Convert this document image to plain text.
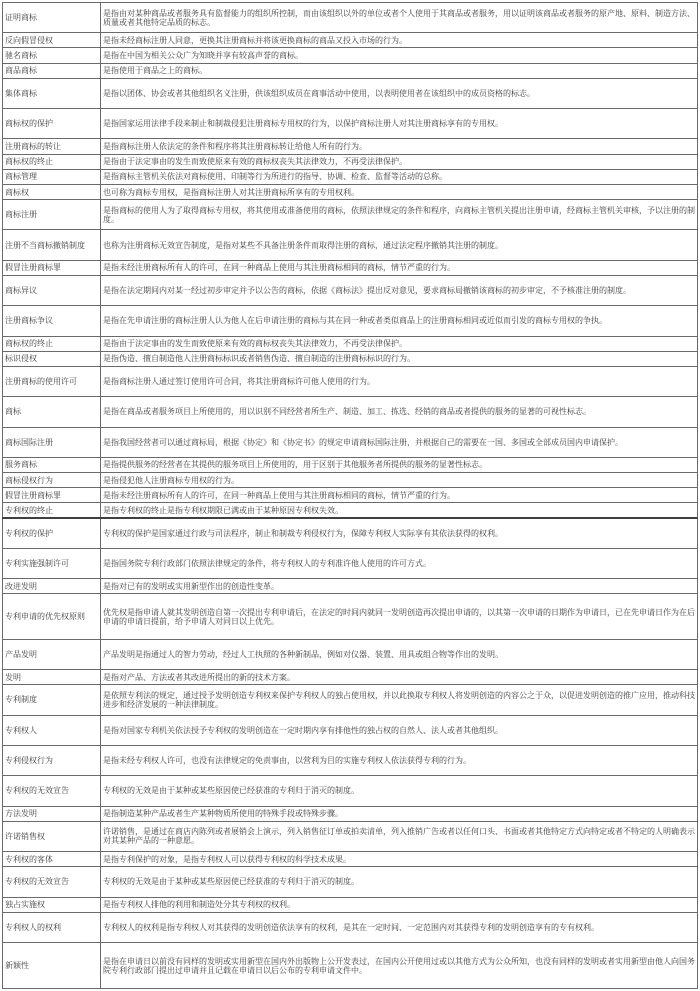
证明商标	是指由对某种商品或者服务具有监督能力的组织所控制，而由该组织以外的单位或者个人使用于其商品或者服务，用以证明该商品或者服务的原产地、原料、制造方法、质量或者其他特定品质的标志。
反向假冒侵权	是指未经商标注册人同意，更换其注册商标并将该更换商标的商品又投入市场的行为。
驰名商标	是指在中国为相关公众广为知晓并享有较高声誉的商标。
商品商标	是指使用于商品之上的商标。
集体商标	是指以团体、协会或者其他组织名义注册，供该组织成员在商事活动中使用，以表明使用者在该组织中的成员资格的标志。
商标权的保护	是指国家运用法律手段来制止和制裁侵犯注册商标专用权的行为，以保护商标注册人对其注册商标享有的专用权。
注册商标的转让	是指商标注册人依法定的条件和程序将其注册商标转让给他人所有的行为。
商标权的终止	是指由于法定事由的发生而致使原来有效的商标权丧失其法律效力，不再受法律保护。
商标管理	是指商标主管机关依法对商标使用、印制等行为所进行的指导、协调、检查、监督等活动的总称。
商标权	也可称为商标专用权，是指商标注册人对其注册商标所享有的专用权利。
商标注册	是指商标的使用人为了取得商标专用权，将其使用或准备使用的商标，依照法律规定的条件和程序，向商标主管机关提出注册申请，经商标主管机关审核，予以注册的制度。
注册不当商标撤销制度	也称为注册商标无效宣告制度，是指对某些不具备注册条件而取得注册的商标，通过法定程序撤销其注册的制度。
假冒注册商标罪	是指未经注册商标所有人的许可，在同一种商品上使用与其注册商标相同的商标，情节严重的行为。
商标异议	是指在法定期间内对某一经过初步审定并予以公告的商标，依据《商标法》提出反对意见，要求商标局撤销该商标的初步审定，不予核准注册的制度。
注册商标争议	是指在先申请注册的商标注册人认为他人在后申请注册的商标与其在同一种或者类似商品上的注册商标相同或近似而引发的商标专用权的争执。
商标权的终止	是指由于法定事由的发生而致使原来有效的商标权丧失其法律效力，不再受法律保护。
标识侵权	是指伪造、擅自制造他人注册商标标识或者销售伪造、擅自制造的注册商标标识的行为。
注册商标的使用许可	是指商标注册人通过签订使用许可合同，将其注册商标许可他人使用的行为。
商标	是指在商品或者服务项目上所使用的，用以识别不同经营者所生产、制造、加工、拣选、经销的商品或者提供的服务的显著的可视性标志。
商标国际注册	是指我国经营者可以通过商标局，根据《协定》和《协定书》的规定申请商标国际注册，并根据自己的需要在一国、多国或全部成员国内申请保护。
服务商标	是指提供服务的经营者在其提供的服务项目上所使用的，用于区别于其他服务者所提供的服务的显著性标志。
商标侵权行为	是指侵犯他人注册商标专用权的行为。
假冒注册商标罪	是指未经注册商标所有人的许可，在同一种商品上使用与其注册商标相同的商标，情节严重的行为。
专利权的终止	是指专利权的终止是指专利权期限已满或由于某种原因专利权失效。
专利权的保护	专利权的保护是国家通过行政与司法程序，制止和制裁专利侵权行为，保障专利权人实际享有其依法获得的权利。
专利实施强制许可	是指国务院专利行政部门依照法律规定的条件，将专利权人的专利准许他人使用的许可方式。
改进发明	是指对已有的发明或实用新型作出的创造性变革。
专利申请的优先权原则	优先权是指申请人就其发明创造自第一次提出专利申请后，在法定的时间内就同一发明创造再次提出申请的，以其第一次申请的日期作为申请日，已在先申请日作为在后申请的申请日提前，给予申请人对同日以上优先。
产品发明	产品发明是指通过人的智力劳动，经过人工执照的各种新制品，例如对仪器、装置、用具或组合物等作出的发明。
发明	是指对产品、方法或者其改进所提出的新的技术方案。
专利制度	是依照专利法的规定，通过授予发明创造专利权来保护专利权人的独占使用权，并以此换取专利权人将发明创造的内容公之于众，以促进发明创造的推广应用，推动科技进步和经济发展的一种法律制度。
专利权人	是指对国家专利机关依法授予专利权的发明创造在一定时期内享有排他性的独占权的自然人、法人或者其他组织。
专利侵权行为	是指未经专利权人许可，也没有法律规定的免责事由，以营利为目的实施专利权人依法获得专利的行为。
专利权的无效宣告	专利权的无效是由于某种或某些原因使已经获准的专利归于消灭的制度。
方法发明	是指制造某种产品或者生产某种物质所使用的特殊手段或特殊步骤。
许诺销售权	许诺销售，是通过在商店内陈列或者展销会上演示，列入销售征订单或拍卖清单，列入推销广告或者以任何口头、书面或者其他特定方式向特定或者不特定的人明确表示对其某种产品的一种意愿。
专利权的客体	是指专利保护的对象，是指专利权人可以获得专利权的科学技术成果。
专利权的无效宣告	专利权的无效是由于某种或某些原因使已经获准的专利归于消灭的制度。
独占实施权	是指专利权人排他的利用和制造处分其专利权的权利。
专利权人的权利	专利权人的权利是指专利权人对其获得的发明创造依法享有的权利，是其在一定时间、一定范围内对其获得专利的发明创造享有的专有权利。
新颖性	是指在申请日以前没有同样的发明或实用新型在国内外出版物上公开发表过，在国内公开使用过或以其他方式为公众所知，也没有同样的发明或者实用新型由他人向国务院专利行政部门提出过申请并且记载在申请日以后公布的专利申请文件中。
